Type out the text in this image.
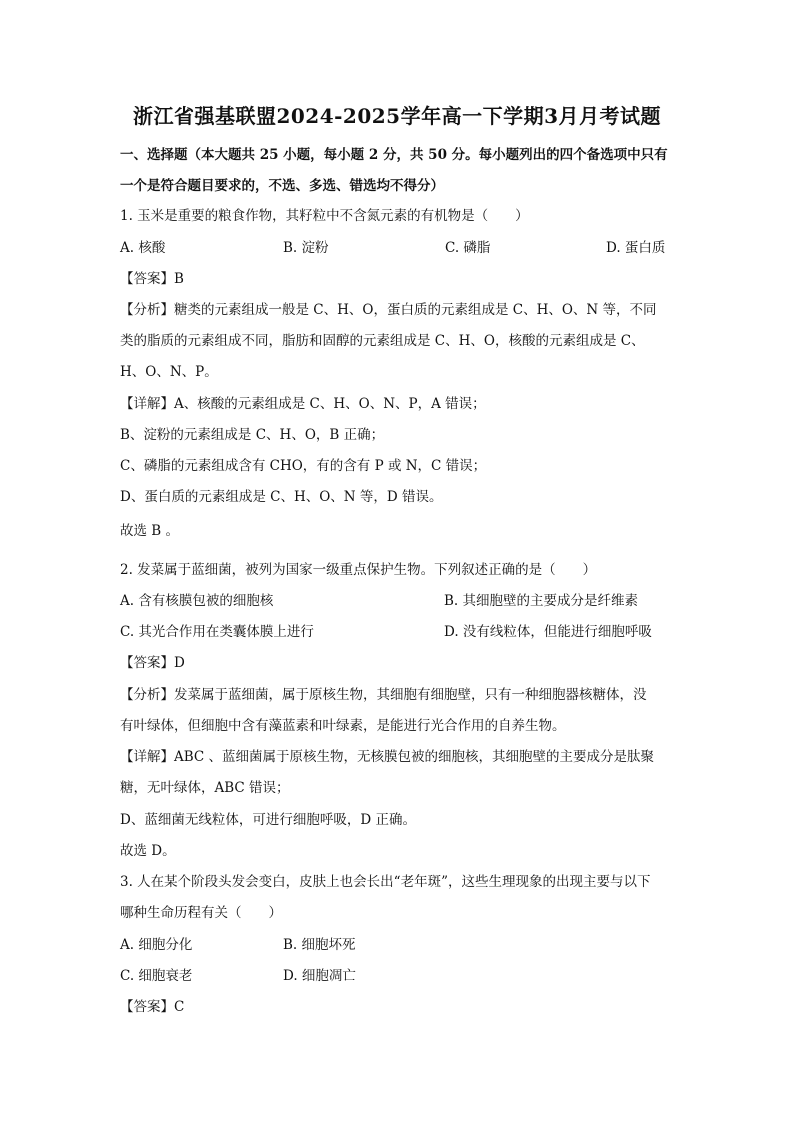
浙江省强基联盟2024-2025学年高一下学期3月月考试题
一、选择题（本大题共 25 小题，每小题 2 分，共 50 分。每小题列出的四个备选项中只有
一个是符合题目要求的，不选、多选、错选均不得分）
1. 玉米是重要的粮食作物，其籽粒中不含氮元素的有机物是（　　）
A. 核酸	B. 淀粉	C. 磷脂	D. 蛋白质
【答案】B
【分析】糖类的元素组成一般是 C、H、O，蛋白质的元素组成是 C、H、O、N 等，不同
类的脂质的元素组成不同，脂肪和固醇的元素组成是 C、H、O，核酸的元素组成是 C、
H、O、N、P。
【详解】A、核酸的元素组成是 C、H、O、N、P，A 错误；
B、淀粉的元素组成是 C、H、O，B 正确；
C、磷脂的元素组成含有 CHO，有的含有 P 或 N，C 错误；
D、蛋白质的元素组成是 C、H、O、N 等，D 错误。
故选 B 。
2. 发菜属于蓝细菌，被列为国家一级重点保护生物。下列叙述正确的是（　　）
A. 含有核膜包被的细胞核	B. 其细胞壁的主要成分是纤维素
C. 其光合作用在类囊体膜上进行	D. 没有线粒体，但能进行细胞呼吸
【答案】D
【分析】发菜属于蓝细菌，属于原核生物，其细胞有细胞壁，只有一种细胞器核糖体，没
有叶绿体，但细胞中含有藻蓝素和叶绿素，是能进行光合作用的自养生物。
【详解】ABC 、蓝细菌属于原核生物，无核膜包被的细胞核，其细胞壁的主要成分是肽聚
糖，无叶绿体，ABC 错误；
D、蓝细菌无线粒体，可进行细胞呼吸，D 正确。
故选 D。
3. 人在某个阶段头发会变白，皮肤上也会长出“老年斑”，这些生理现象的出现主要与以下
哪种生命历程有关（　　）
A. 细胞分化	B. 细胞坏死
C. 细胞衰老	D. 细胞凋亡
【答案】C
